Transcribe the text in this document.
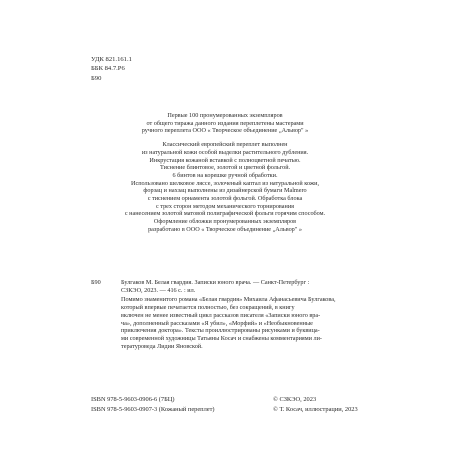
УДК 821.161.1
ББК 84.7.Р6
Б90

Первые 100 пронумерованных экземпляров
от общего тиража данного издания переплетены мастерами
ручного переплета ООО « Творческое объединение „Альвор" »

Классический европейский переплет выполнен
из натуральной кожи особой выделки растительного дубления.
Инкрустация кожаной вставкой с полноцветной печатью.
Тиснение блинтовое, золотой и цветной фольгой.
6 бинтов на корешке ручной обработки.
Использовано шелковое ляссе, золоченый каптал из натуральной кожи,
форзац и нахзац выполнены из дизайнерской бумаги Malmero
с тиснением орнамента золотой фольгой. Обработка блока
с трех сторон методом механического торнирования
с нанесением золотой матовой полиграфической фольги горячим способом.
Оформление обложки пронумерованных экземпляров
разработано в ООО « Творческое объединение „Альвор" »

Б90	Булгаков М. Белая гвардия. Записки юного врача. — Санкт-Петербург :
СЗКЭО, 2023. — 416 с. : ил.
Помимо знаменитого романа «Белая гвардия» Михаила Афанасьевича Булгакова,
который впервые печатается полностью, без сокращений, в книгу
включен не менее известный цикл рассказов писателя «Записки юного вра-
ча», дополненный рассказами «Я убил», «Морфий» и «Необыкновенные
приключения доктора». Тексты проиллюстрированы рисунками и буквица-
ми современной художницы Татьяны Косач и снабжены комментариями ли-
тературоведа Лидии Яновской.
ISBN 978-5-9603-0906-6 (7БЦ)	© СЗКЭО, 2023
ISBN 978-5-9603-0907-3 (Кожаный переплет)	© Т. Косач, иллюстрации, 2023
